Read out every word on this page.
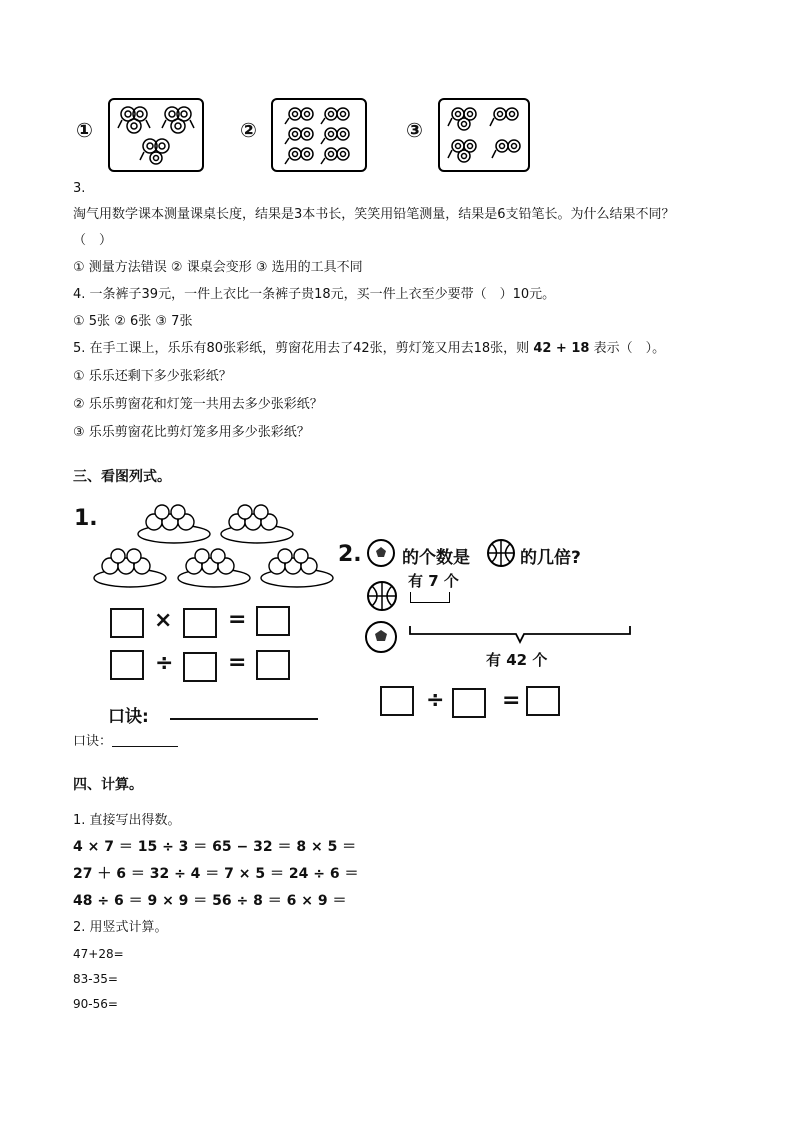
①	②	③
3.
淘气用数学课本测量课桌长度，结果是3本书长，笑笑用铅笔测量，结果是6支铅笔长。为什么结果不同？
（　）
① 测量方法错误 ② 课桌会变形 ③ 选用的工具不同
4. 一条裤子39元，一件上衣比一条裤子贵18元，买一件上衣至少要带（　）10元。
① 5张 ② 6张 ③ 7张
5. 在手工课上，乐乐有80张彩纸，剪窗花用去了42张，剪灯笼又用去18张，则 42 + 18 表示（　）。
① 乐乐还剩下多少张彩纸？
② 乐乐剪窗花和灯笼一共用去多少张彩纸？
③ 乐乐剪窗花比剪灯笼多用多少张彩纸？
三、看图列式。
1.
×	=
÷ =
口诀:
2. 的个数是	的几倍?
有 7 个
有 42 个
÷	=
口诀：
四、计算。
1. 直接写出得数。
4 × 7 ＝ 15 ÷ 3 ＝ 65 − 32 ＝ 8 × 5 ＝
27 ＋ 6 ＝ 32 ÷ 4 ＝ 7 × 5 ＝ 24 ÷ 6 ＝
48 ÷ 6 ＝ 9 × 9 ＝ 56 ÷ 8 ＝ 6 × 9 ＝
2. 用竖式计算。
47+28=
83-35=
90-56=
